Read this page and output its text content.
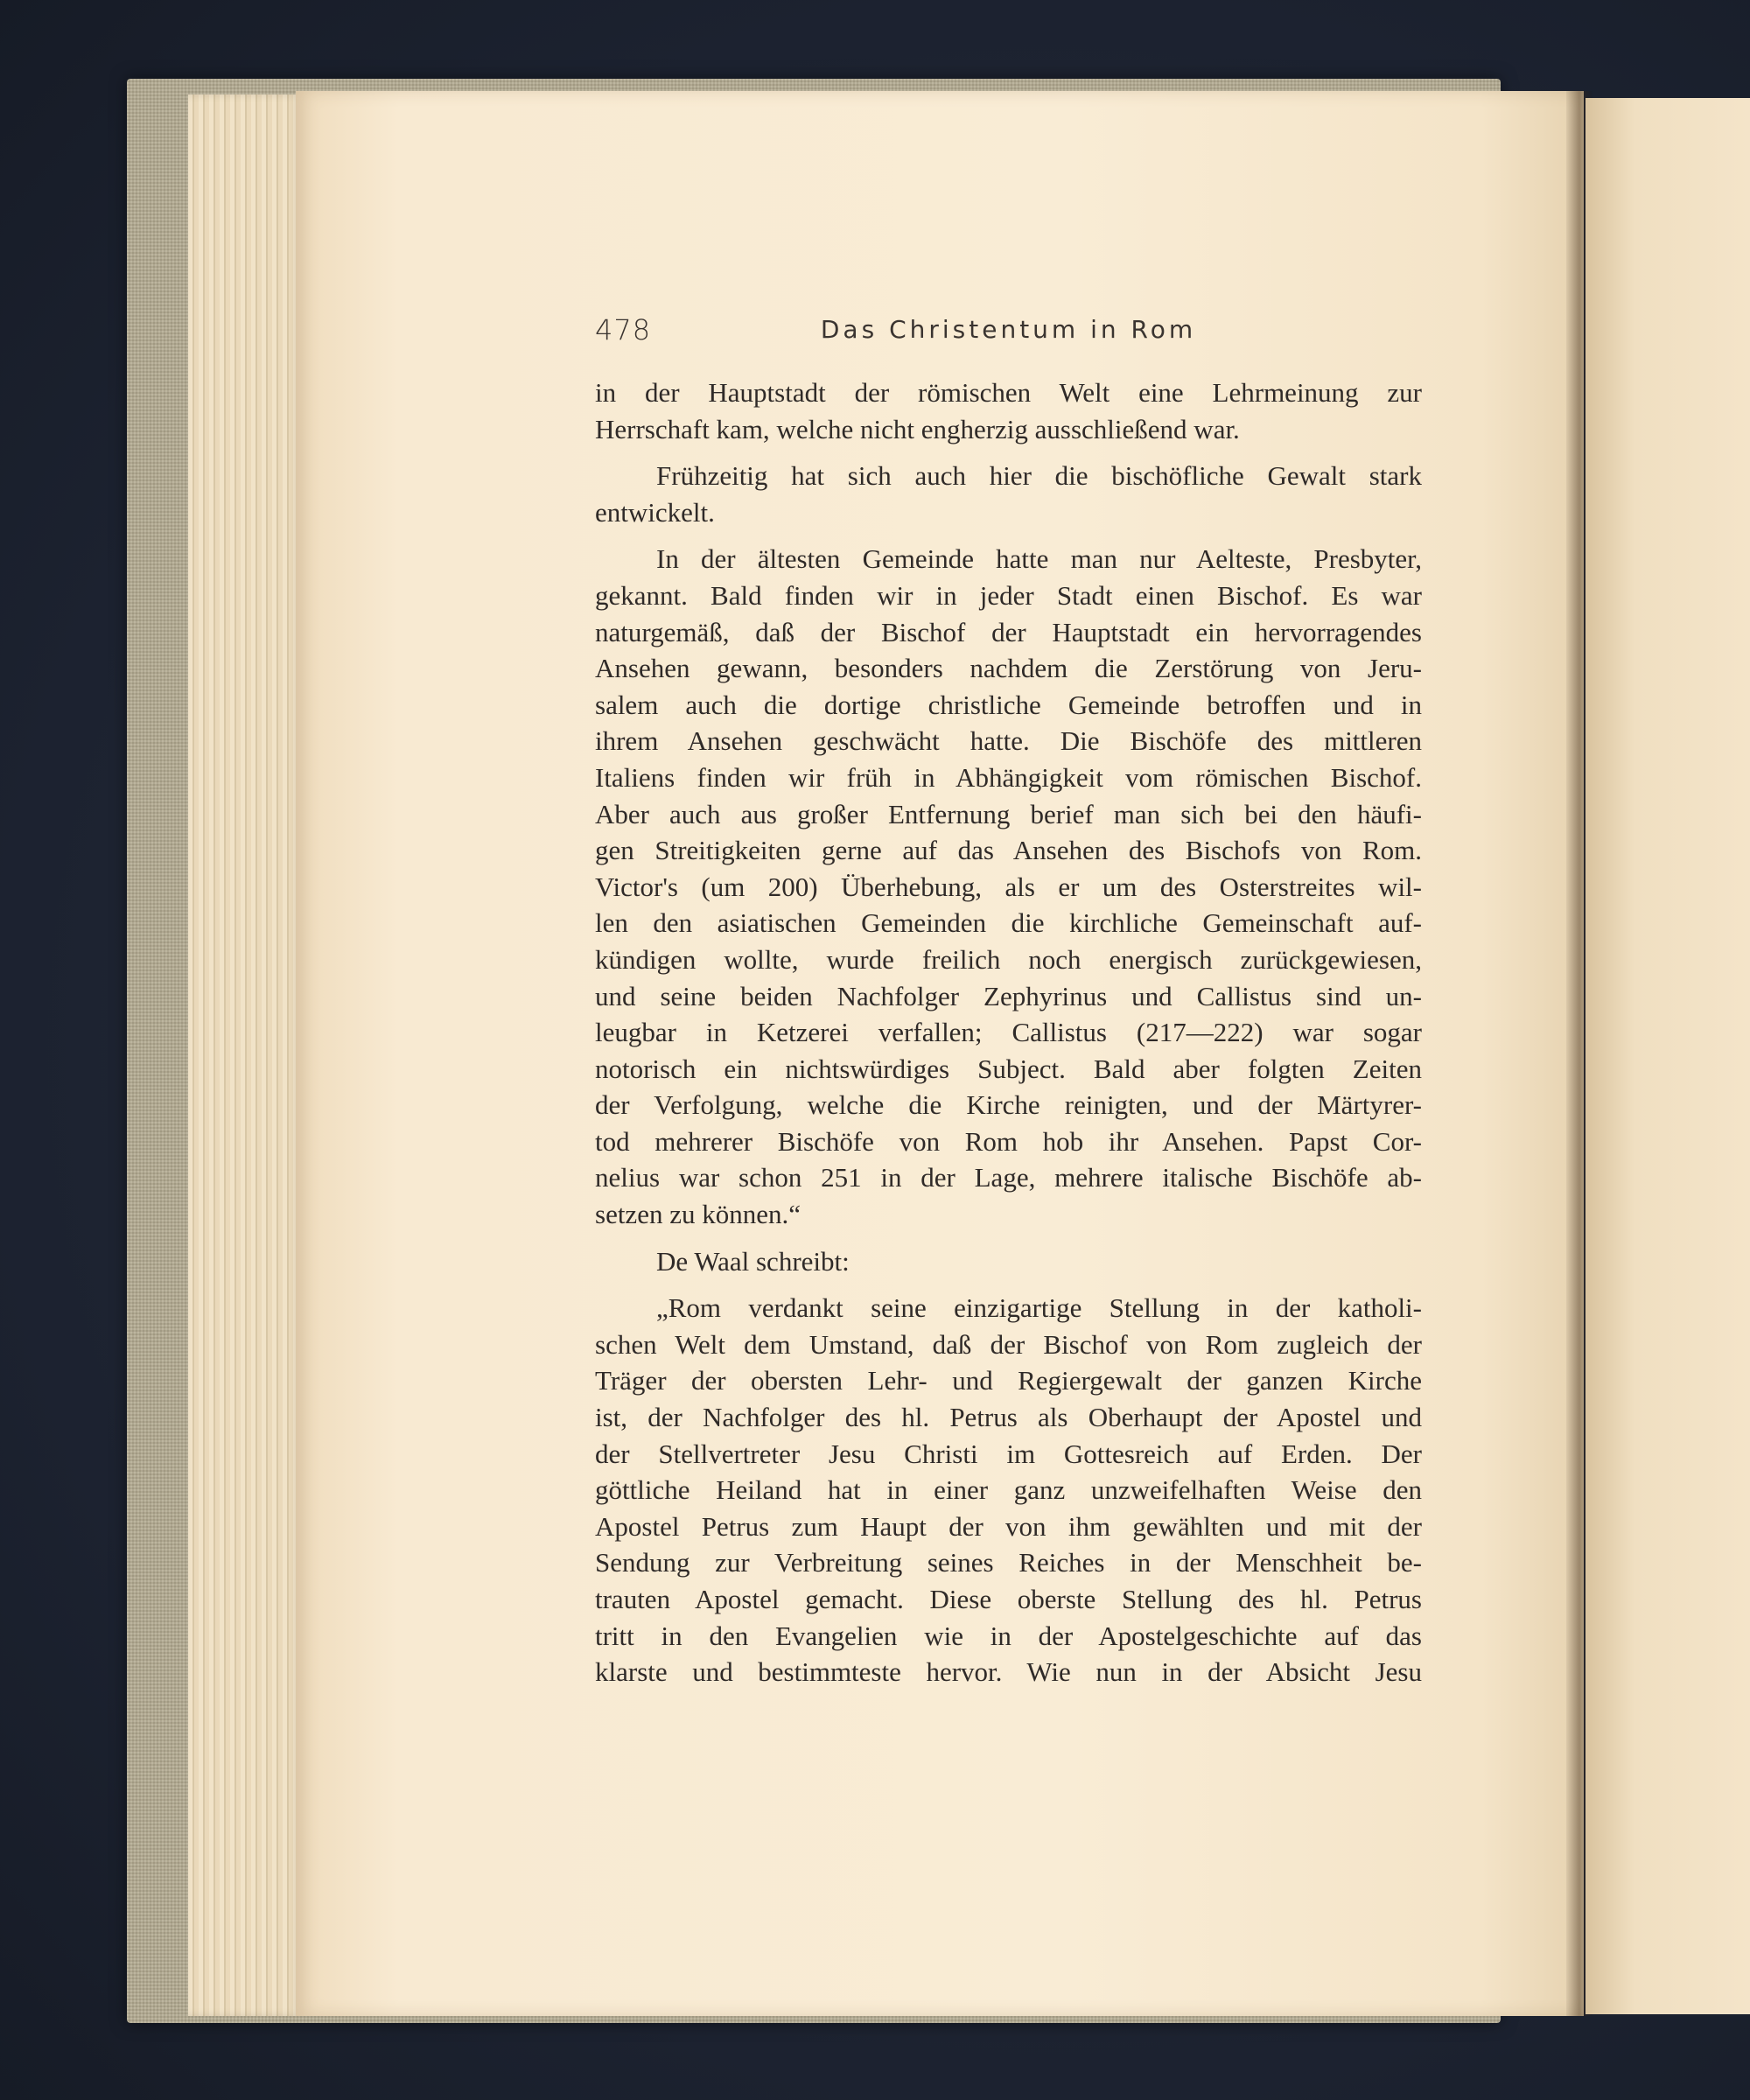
478	Das Christentum in Rom

in der Hauptstadt der römischen Welt eine Lehrmeinung zur
Herrschaft kam, welche nicht engherzig ausschließend war.

Frühzeitig hat sich auch hier die bischöfliche Gewalt stark
entwickelt.

In der ältesten Gemeinde hatte man nur Aelteste, Presbyter,
gekannt. Bald finden wir in jeder Stadt einen Bischof. Es war
naturgemäß, daß der Bischof der Hauptstadt ein hervorragendes
Ansehen gewann, besonders nachdem die Zerstörung von Jeru-
salem auch die dortige christliche Gemeinde betroffen und in
ihrem Ansehen geschwächt hatte. Die Bischöfe des mittleren
Italiens finden wir früh in Abhängigkeit vom römischen Bischof.
Aber auch aus großer Entfernung berief man sich bei den häufi-
gen Streitigkeiten gerne auf das Ansehen des Bischofs von Rom.
Victor's (um 200) Überhebung, als er um des Osterstreites wil-
len den asiatischen Gemeinden die kirchliche Gemeinschaft auf-
kündigen wollte, wurde freilich noch energisch zurückgewiesen,
und seine beiden Nachfolger Zephyrinus und Callistus sind un-
leugbar in Ketzerei verfallen; Callistus (217—222) war sogar
notorisch ein nichtswürdiges Subject. Bald aber folgten Zeiten
der Verfolgung, welche die Kirche reinigten, und der Märtyrer-
tod mehrerer Bischöfe von Rom hob ihr Ansehen. Papst Cor-
nelius war schon 251 in der Lage, mehrere italische Bischöfe ab-
setzen zu können.“

De Waal schreibt:

„Rom verdankt seine einzigartige Stellung in der katholi-
schen Welt dem Umstand, daß der Bischof von Rom zugleich der
Träger der obersten Lehr- und Regiergewalt der ganzen Kirche
ist, der Nachfolger des hl. Petrus als Oberhaupt der Apostel und
der Stellvertreter Jesu Christi im Gottesreich auf Erden. Der
göttliche Heiland hat in einer ganz unzweifelhaften Weise den
Apostel Petrus zum Haupt der von ihm gewählten und mit der
Sendung zur Verbreitung seines Reiches in der Menschheit be-
trauten Apostel gemacht. Diese oberste Stellung des hl. Petrus
tritt in den Evangelien wie in der Apostelgeschichte auf das
klarste und bestimmteste hervor. Wie nun in der Absicht Jesu
